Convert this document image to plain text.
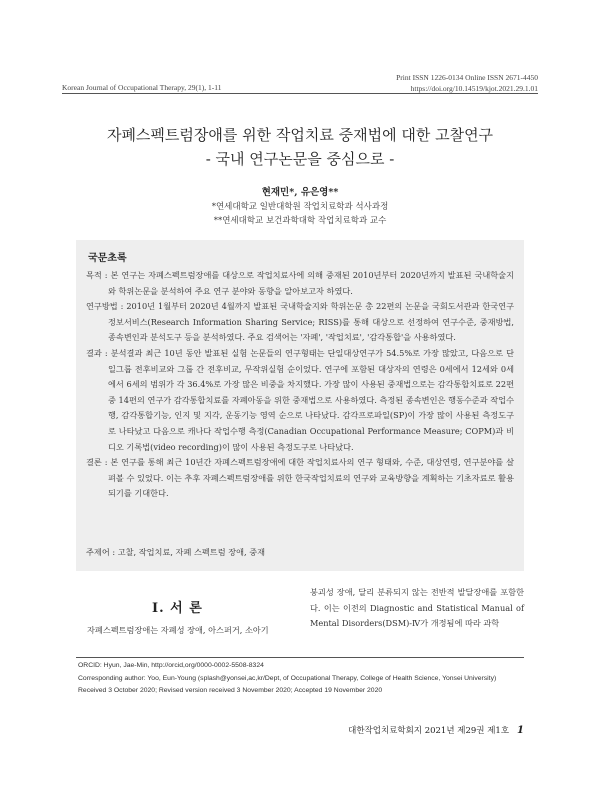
Korean Journal of Occupational Therapy, 29(1), 1-11
Print ISSN 1226-0134 Online ISSN 2671-4450
https://doi.org/10.14519/kjot.2021.29.1.01
자폐스펙트럼장애를 위한 작업치료 중재법에 대한 고찰연구
- 국내 연구논문을 중심으로 -
현재민*, 유은영**
*연세대학교 일반대학원 작업치료학과 석사과정
**연세대학교 보건과학대학 작업치료학과 교수
국문초록

목적 : 본 연구는 자폐스펙트럼장애를 대상으로 작업치료사에 의해 중재된 2010년부터 2020년까지 발표된 국내학술지와 학위논문을 분석하여 주요 연구 분야와 동향을 알아보고자 하였다.

연구방법 : 2010년 1월부터 2020년 4월까지 발표된 국내학술지와 학위논문 총 22편의 논문을 국회도서관과 한국연구정보서비스(Research Information Sharing Service; RISS)를 통해 대상으로 선정하여 연구수준, 중재방법, 종속변인과 분석도구 등을 분석하였다. 주요 검색어는 '자폐', '작업치료', '감각통합'을 사용하였다.

결과 : 분석결과 최근 10년 동안 발표된 실험 논문들의 연구형태는 단일대상연구가 54.5%로 가장 많았고, 다음으로 단일그룹 전후비교와 그룹 간 전후비교, 무작위실험 순이었다. 연구에 포함된 대상자의 연령은 0세에서 12세와 0세에서 6세의 범위가 각 36.4%로 가장 많은 비중을 차지했다. 가장 많이 사용된 중재법으로는 감각통합치료로 22편중 14편의 연구가 감각통합치료를 자폐아동을 위한 중재법으로 사용하였다. 측정된 종속변인은 행동수준과 작업수행, 감각통합기능, 인지 및 지각, 운동기능 영역 순으로 나타났다. 감각프로파일(SP)이 가장 많이 사용된 측정도구로 나타났고 다음으로 캐나다 작업수행 측정(Canadian Occupational Performance Measure; COPM)과 비디오 기록법(video recording)이 많이 사용된 측정도구로 나타났다.

결론 : 본 연구를 통해 최근 10년간 자폐스펙트럼장애에 대한 작업치료사의 연구 형태와, 수준, 대상연령, 연구분야를 살펴볼 수 있었다. 이는 추후 자폐스펙트럼장애를 위한 한국작업치료의 연구와 교육방향을 계획하는 기초자료로 활용되기를 기대한다.

주제어 : 고찰, 작업치료, 자폐 스펙트럼 장애, 중재
Ⅰ. 서 론
자폐스펙트럼장애는 자폐성 장애, 아스퍼거, 소아기

붕괴성 장애, 달리 분류되지 않는 전반적 발달장애를 포함한다. 이는 이전의 Diagnostic and Statistical Manual of Mental Disorders(DSM)-Ⅳ가 개정됨에 따라 과학

ORCID: Hyun, Jae-Min, http://orcid,org/0000-0002-5508-8324
Corresponding author: Yoo, Eun-Young (splash@yonsei,ac,kr/Dept, of Occupational Therapy, College of Health Science, Yonsei University)
Received 3 October 2020; Revised version received 3 November 2020; Accepted 19 November 2020
대한작업치료학회지 2021년 제29권 제1호 1
